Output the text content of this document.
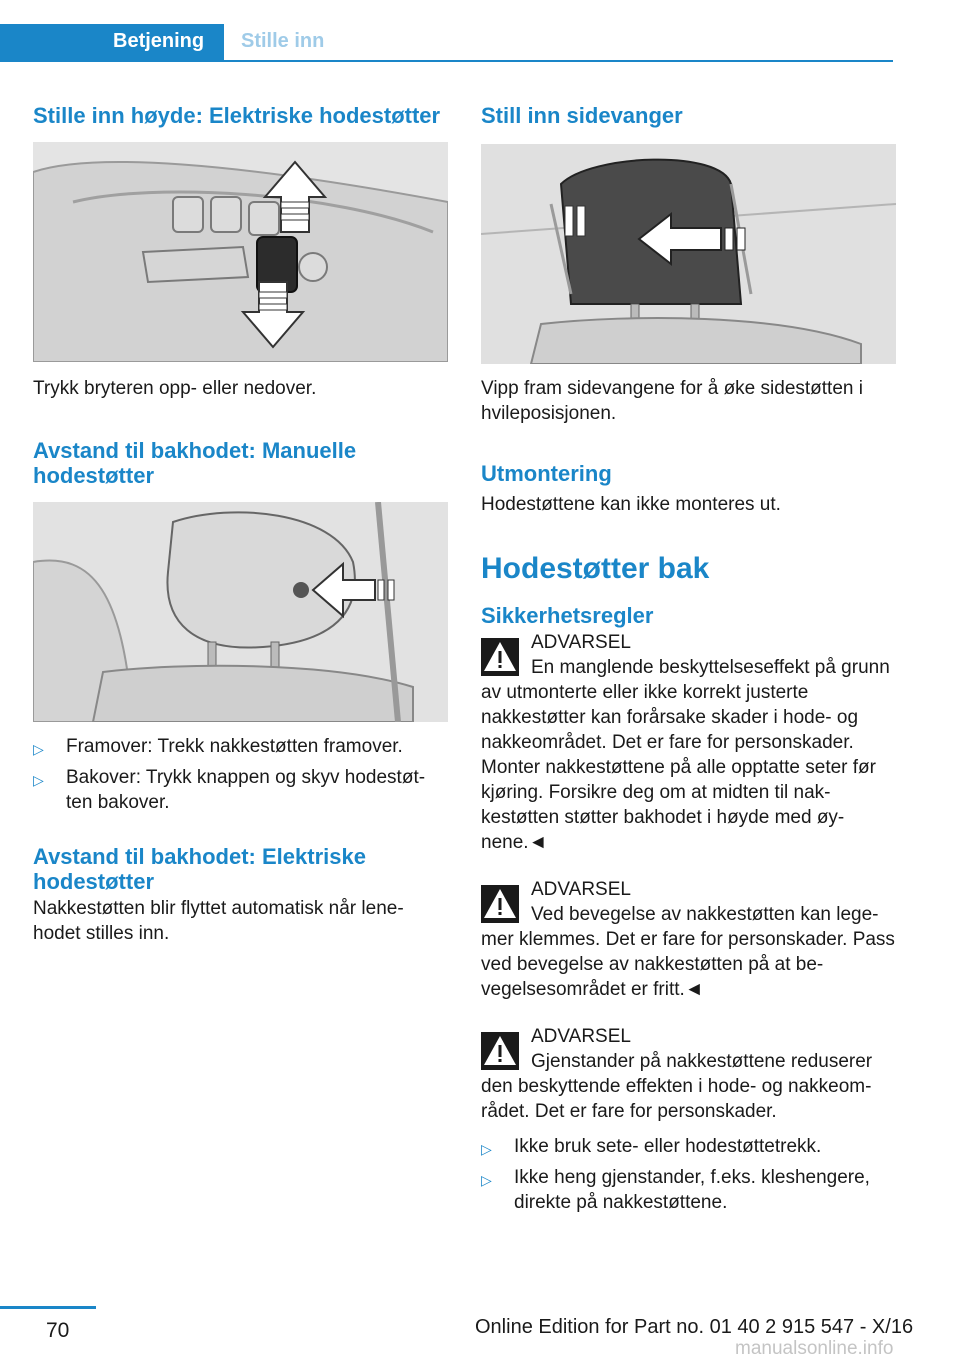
Betjening Stille inn
Stille inn høyde: Elektriske hodestøtter

Trykk bryteren opp- eller nedover.

Avstand til bakhodet: Manuelle hodestøtter
▷ Framover: Trekk nakkestøtten framover.
▷ Bakover: Trykk knappen og skyv hodestøt-ten bakover.
Avstand til bakhodet: Elektriske hodestøtter

Nakkestøtten blir flyttet automatisk når lene-hodet stilles inn.

Still inn sidevanger

Vipp fram sidevangene for å øke sidestøtten i hvileposisjonen.

Utmontering

Hodestøttene kan ikke monteres ut.

Hodestøtter bak
Sikkerhetsregler

ADVARSEL

En manglende beskyttelseseffekt på grunn av utmonterte eller ikke korrekt justerte nakkestøtter kan forårsake skader i hode- og nakkeområdet. Det er fare for personskader. Monter nakkestøttene på alle opptatte seter før kjøring. Forsikre deg om at midten til nak-kestøtten støtter bakhodet i høyde med øy-nene.◄

ADVARSEL

Ved bevegelse av nakkestøtten kan lege-mer klemmes. Det er fare for personskader. Pass ved bevegelse av nakkestøtten på at be-vegelsesområdet er fritt.◄

ADVARSEL

Gjenstander på nakkestøttene reduserer den beskyttende effekten i hode- og nakkeom-rådet. Det er fare for personskader.

▷ Ikke bruk sete- eller hodestøttetrekk.
▷ Ikke heng gjenstander, f.eks. kleshengere, direkte på nakkestøttene.
70	Online Edition for Part no. 01 40 2 915 547 - X/16
manualsonline.info
